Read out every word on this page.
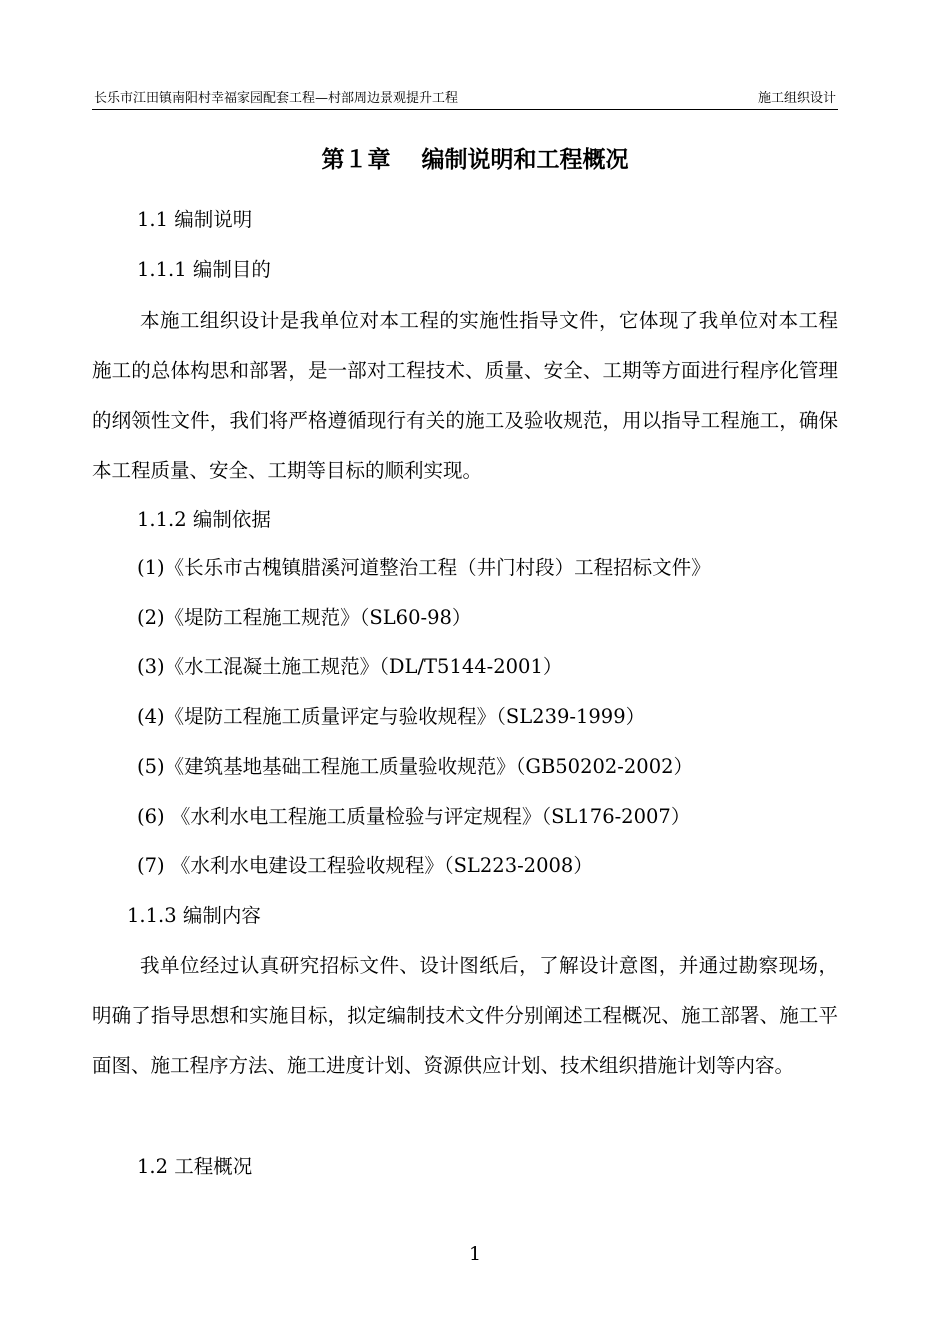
长乐市江田镇南阳村幸福家园配套工程—村部周边景观提升工程	施工组织设计
第１章　 编制说明和工程概况
1.1 编制说明
1.1.1 编制目的
本施工组织设计是我单位对本工程的实施性指导文件，它体现了我单位对本工程施工的总体构思和部署，是一部对工程技术、质量、安全、工期等方面进行程序化管理的纲领性文件，我们将严格遵循现行有关的施工及验收规范，用以指导工程施工，确保本工程质量、安全、工期等目标的顺利实现。
1.1.2 编制依据
(1)《长乐市古槐镇腊溪河道整治工程（井门村段）工程招标文件》
(2)《堤防工程施工规范》（SL60-98）
(3)《水工混凝土施工规范》（DL/T5144-2001）
(4)《堤防工程施工质量评定与验收规程》（SL239-1999）
(5)《建筑基地基础工程施工质量验收规范》（GB50202-2002）
(6) 《水利水电工程施工质量检验与评定规程》（SL176-2007）
(7) 《水利水电建设工程验收规程》（SL223-2008）
1.1.3 编制内容
我单位经过认真研究招标文件、设计图纸后，了解设计意图，并通过勘察现场，明确了指导思想和实施目标，拟定编制技术文件分别阐述工程概况、施工部署、施工平面图、施工程序方法、施工进度计划、资源供应计划、技术组织措施计划等内容。
1.2 工程概况
1
